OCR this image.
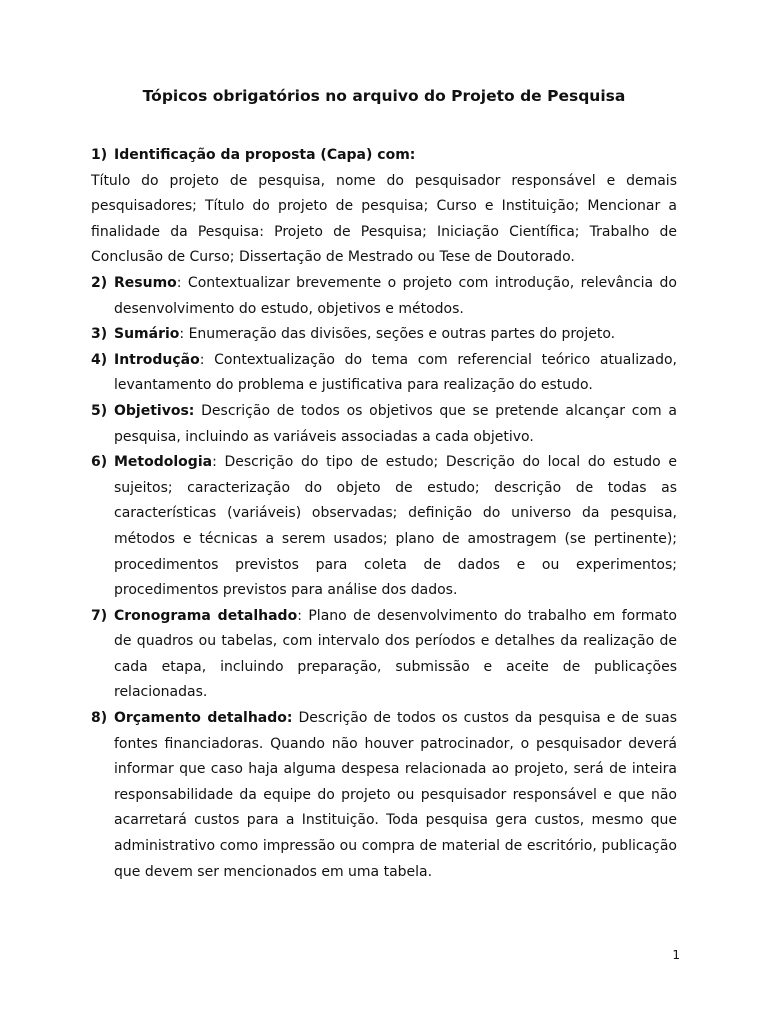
Tópicos obrigatórios no arquivo do Projeto de Pesquisa

1) Identificação da proposta (Capa) com:

Título do projeto de pesquisa, nome do pesquisador responsável e demais pesquisadores; Título do projeto de pesquisa; Curso e Instituição; Mencionar a finalidade da Pesquisa: Projeto de Pesquisa; Iniciação Científica; Trabalho de Conclusão de Curso; Dissertação de Mestrado ou Tese de Doutorado.

2) Resumo: Contextualizar brevemente o projeto com introdução, relevância do desenvolvimento do estudo, objetivos e métodos.

3) Sumário: Enumeração das divisões, seções e outras partes do projeto.

4) Introdução: Contextualização do tema com referencial teórico atualizado, levantamento do problema e justificativa para realização do estudo.

5) Objetivos: Descrição de todos os objetivos que se pretende alcançar com a pesquisa, incluindo as variáveis associadas a cada objetivo.

6) Metodologia: Descrição do tipo de estudo; Descrição do local do estudo e sujeitos; caracterização do objeto de estudo; descrição de todas as características (variáveis) observadas; definição do universo da pesquisa, métodos e técnicas a serem usados; plano de amostragem (se pertinente); procedimentos previstos para coleta de dados e ou experimentos; procedimentos previstos para análise dos dados.

7) Cronograma detalhado: Plano de desenvolvimento do trabalho em formato de quadros ou tabelas, com intervalo dos períodos e detalhes da realização de cada etapa, incluindo preparação, submissão e aceite de publicações relacionadas.

8) Orçamento detalhado: Descrição de todos os custos da pesquisa e de suas fontes financiadoras. Quando não houver patrocinador, o pesquisador deverá informar que caso haja alguma despesa relacionada ao projeto, será de inteira responsabilidade da equipe do projeto ou pesquisador responsável e que não acarretará custos para a Instituição. Toda pesquisa gera custos, mesmo que administrativo como impressão ou compra de material de escritório, publicação que devem ser mencionados em uma tabela.

1
